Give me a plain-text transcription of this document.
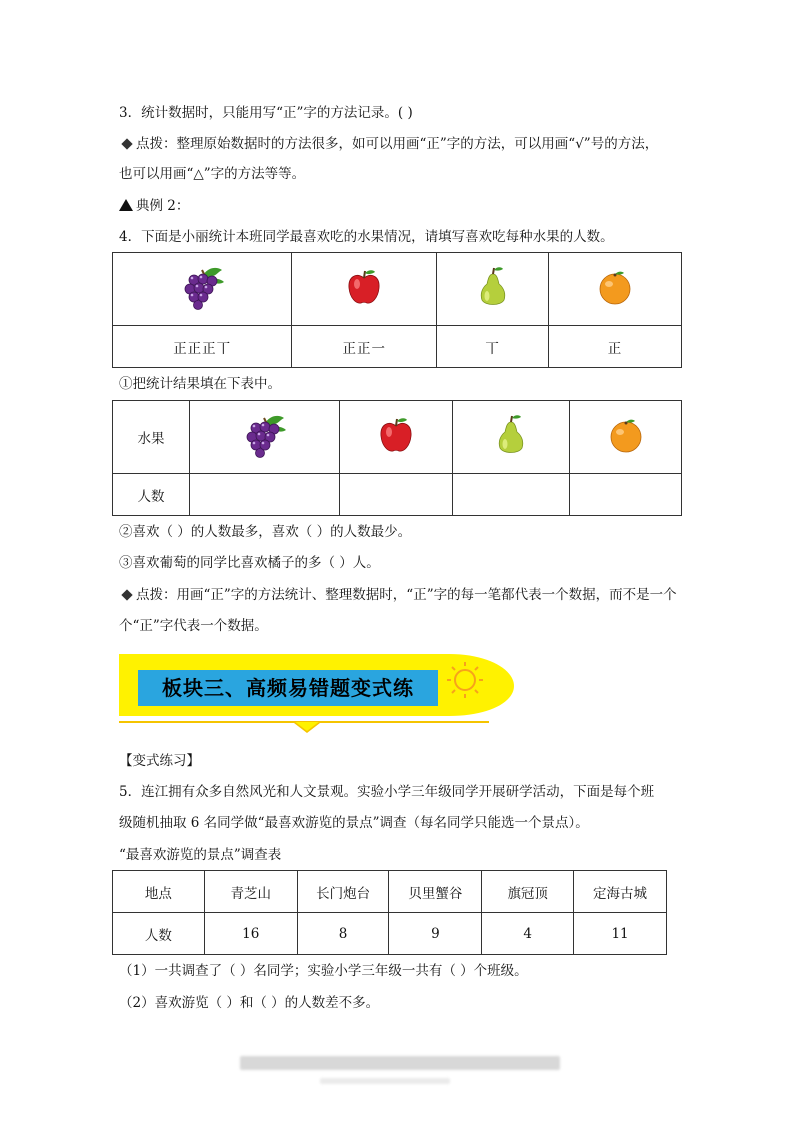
3．统计数据时，只能用写“正”字的方法记录。( )
点拨：整理原始数据时的方法很多，如可以用画“正”字的方法，可以用画“√”号的方法，
也可以用画“△”字的方法等等。
典例 2：
4．下面是小丽统计本班同学最喜欢吃的水果情况，请填写喜欢吃每种水果的人数。

正正正丅	正正一	丅	正
①把统计结果填在下表中。
水果				
人数				
②喜欢（ ）的人数最多，喜欢（ ）的人数最少。
③喜欢葡萄的同学比喜欢橘子的多（ ）人。
点拨：用画“正”字的方法统计、整理数据时，“正”字的每一笔都代表一个数据，而不是一个
个“正”字代表一个数据。
板块三、高频易错题变式练
【变式练习】
5．连江拥有众多自然风光和人文景观。实验小学三年级同学开展研学活动，下面是每个班
级随机抽取 6 名同学做“最喜欢游览的景点”调查（每名同学只能选一个景点）。
“最喜欢游览的景点”调查表
地点	青芝山	长门炮台	贝里蟹谷	旗冠顶	定海古城
人数	16	8	9	4	11
（1）一共调查了（ ）名同学；实验小学三年级一共有（ ）个班级。
（2）喜欢游览（ ）和（ ）的人数差不多。
